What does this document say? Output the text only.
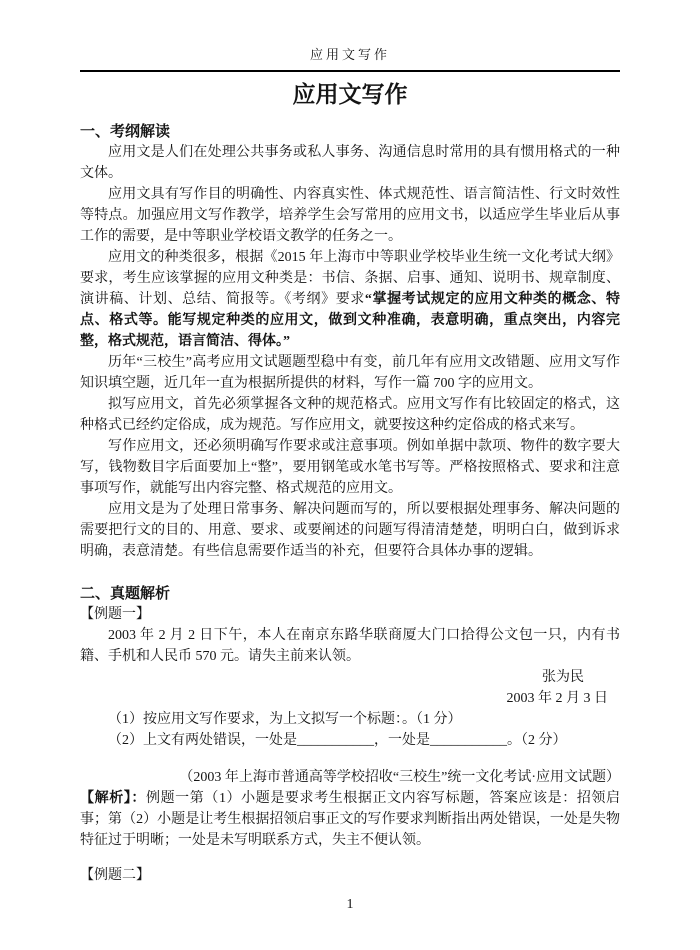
应用文写作
应用文写作
一、考纲解读

应用文是人们在处理公共事务或私人事务、沟通信息时常用的具有惯用格式的一种文体。

应用文具有写作目的明确性、内容真实性、体式规范性、语言简洁性、行文时效性等特点。加强应用文写作教学，培养学生会写常用的应用文书，以适应学生毕业后从事工作的需要，是中等职业学校语文教学的任务之一。

应用文的种类很多，根据《2015 年上海市中等职业学校毕业生统一文化考试大纲》要求，考生应该掌握的应用文种类是：书信、条据、启事、通知、说明书、规章制度、演讲稿、计划、总结、简报等。《考纲》要求“掌握考试规定的应用文种类的概念、特点、格式等。能写规定种类的应用文，做到文种准确，表意明确，重点突出，内容完整，格式规范，语言简洁、得体。”

历年“三校生”高考应用文试题题型稳中有变，前几年有应用文改错题、应用文写作知识填空题，近几年一直为根据所提供的材料，写作一篇 700 字的应用文。

拟写应用文，首先必须掌握各文种的规范格式。应用文写作有比较固定的格式，这种格式已经约定俗成，成为规范。写作应用文，就要按这种约定俗成的格式来写。

写作应用文，还必须明确写作要求或注意事项。例如单据中款项、物件的数字要大写，钱物数目字后面要加上“整”，要用钢笔或水笔书写等。严格按照格式、要求和注意事项写作，就能写出内容完整、格式规范的应用文。

应用文是为了处理日常事务、解决问题而写的，所以要根据处理事务、解决问题的需要把行文的目的、用意、要求、或要阐述的问题写得清清楚楚，明明白白，做到诉求明确，表意清楚。有些信息需要作适当的补充，但要符合具体办事的逻辑。

二、真题解析

【例题一】

2003 年 2 月 2 日下午，本人在南京东路华联商厦大门口拾得公文包一只，内有书籍、手机和人民币 570 元。请失主前来认领。

张为民

2003 年 2 月 3 日

（1）按应用文写作要求，为上文拟写一个标题：。（1 分）

（2）上文有两处错误，一处是___________，一处是___________。（2 分）

（2003 年上海市普通高等学校招收“三校生”统一文化考试·应用文试题）

【解析】：例题一第（1）小题是要求考生根据正文内容写标题，答案应该是：招领启事；第（2）小题是让考生根据招领启事正文的写作要求判断指出两处错误，一处是失物特征过于明晰；一处是未写明联系方式，失主不便认领。

【例题二】

1
